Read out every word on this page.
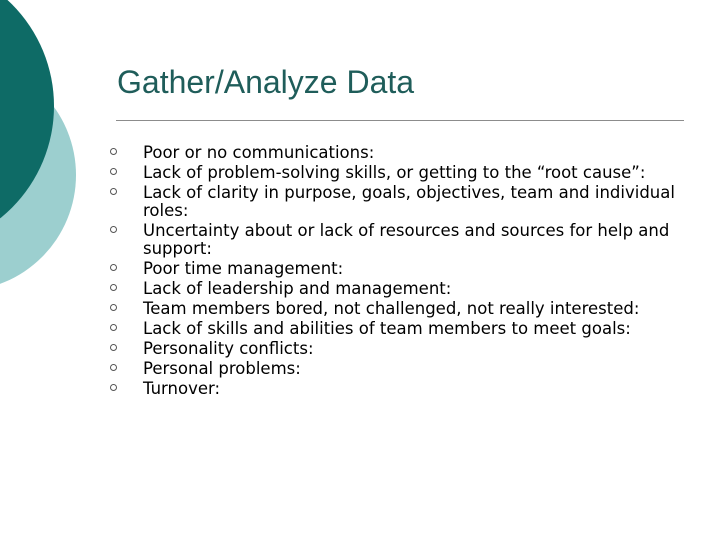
Gather/Analyze Data
Poor or no communications:
Lack of problem-solving skills, or getting to the “root cause”:
Lack of clarity in purpose, goals, objectives, team and individual roles:
Uncertainty about or lack of resources and sources for help and support:
Poor time management:
Lack of leadership and management:
Team members bored, not challenged, not really interested:
Lack of skills and abilities of team members to meet goals:
Personality conflicts:
Personal problems:
Turnover:
